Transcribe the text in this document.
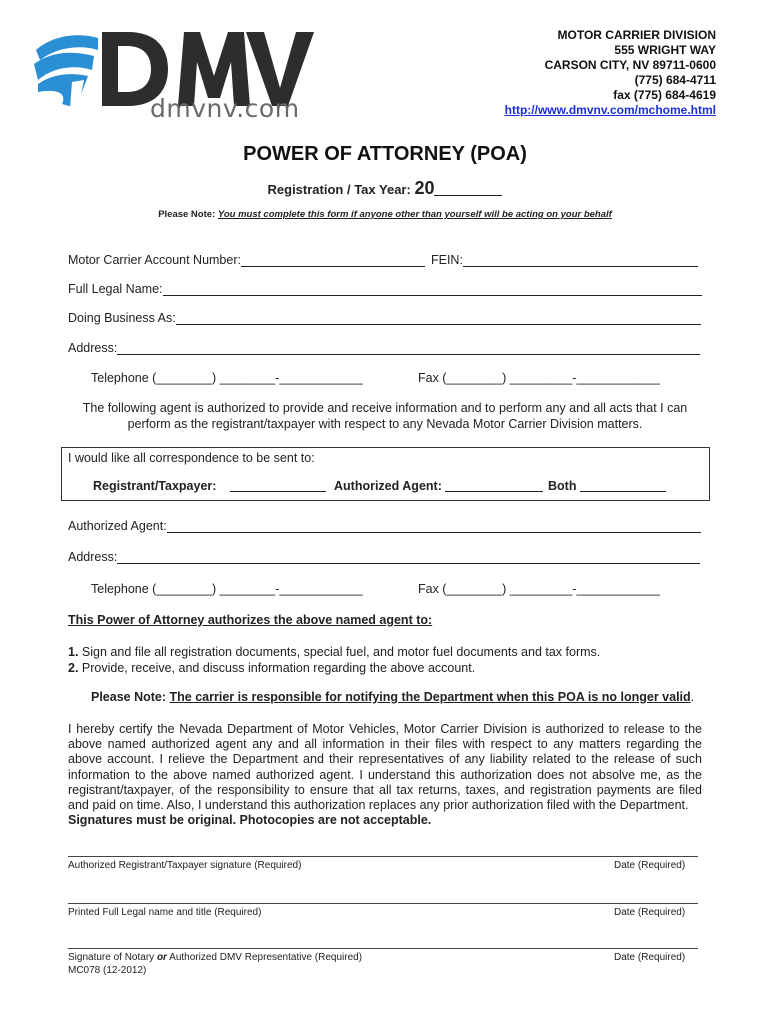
dmvnv.com
MOTOR CARRIER DIVISION
555 WRIGHT WAY
CARSON CITY, NV 89711-0600
(775) 684-4711
fax (775) 684-4619
http://www.dmvnv.com/mchome.html
POWER OF ATTORNEY (POA)
Registration / Tax Year: 20
Please Note: You must complete this form if anyone other than yourself will be acting on your behalf
Motor Carrier Account Number:	FEIN:
Full Legal Name:
Doing Business As:
Address:
Telephone (________) ________-____________	Fax (________) _________-____________
The following agent is authorized to provide and receive information and to perform any and all acts that I can perform as the registrant/taxpayer with respect to any Nevada Motor Carrier Division matters.
I would like all correspondence to be sent to:
Registrant/Taxpayer:	Authorized Agent:	Both
Authorized Agent:
Address:
Telephone (________) ________-____________	Fax (________) _________-____________
This Power of Attorney authorizes the above named agent to:
1. Sign and file all registration documents, special fuel, and motor fuel documents and tax forms.
2. Provide, receive, and discuss information regarding the above account.
Please Note: The carrier is responsible for notifying the Department when this POA is no longer valid.
I hereby certify the Nevada Department of Motor Vehicles, Motor Carrier Division is authorized to release to the above named authorized agent any and all information in their files with respect to any matters regarding the above account. I relieve the Department and their representatives of any liability related to the release of such information to the above named authorized agent. I understand this authorization does not absolve me, as the registrant/taxpayer, of the responsibility to ensure that all tax returns, taxes, and registration payments are filed and paid on time. Also, I understand this authorization replaces any prior authorization filed with the Department.
Signatures must be original. Photocopies are not acceptable.
Authorized Registrant/Taxpayer signature (Required)	Date (Required)
Printed Full Legal name and title (Required)	Date (Required)
Signature of Notary or Authorized DMV Representative (Required)	Date (Required)
MC078 (12-2012)
